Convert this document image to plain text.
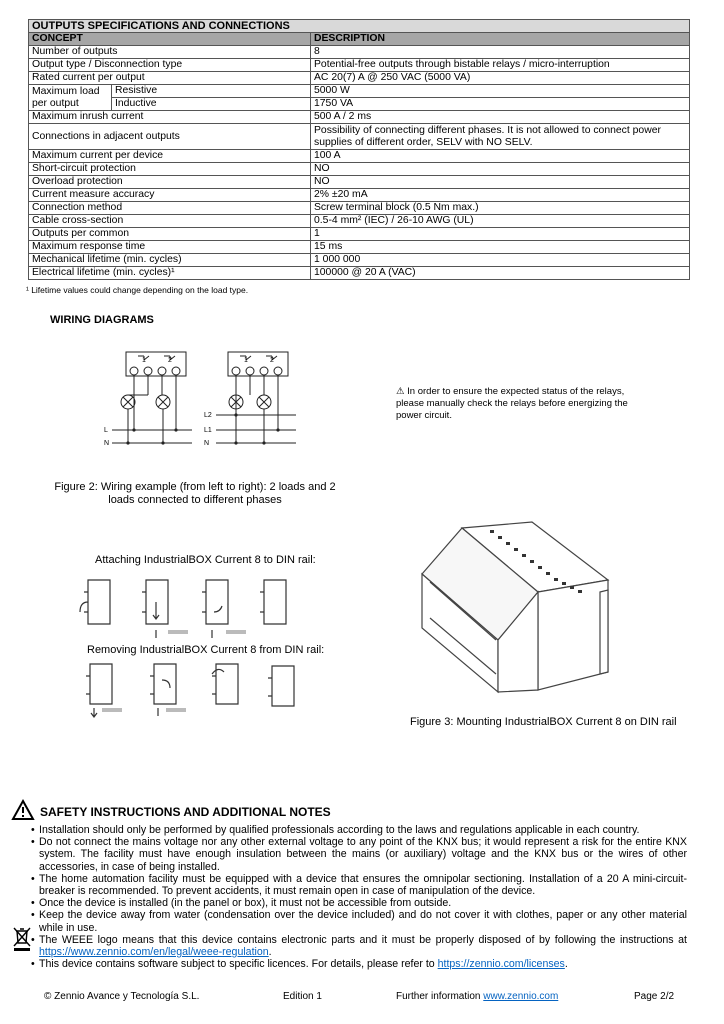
OUTPUTS SPECIFICATIONS AND CONNECTIONS		
CONCEPT		DESCRIPTION
Number of outputs		8
Output type / Disconnection type		Potential-free outputs through bistable relays / micro-interruption
Rated current per output		AC 20(7) A @ 250 VAC (5000 VA)
Maximum load
per output	Resistive	5000 W
	Inductive	1750 VA
Maximum inrush current		500 A / 2 ms
Connections in adjacent outputs		Possibility of connecting different phases. It is not allowed to connect power supplies of different order, SELV with NO SELV.
Maximum current per device		100 A
Short-circuit protection		NO
Overload protection		NO
Current measure accuracy		2% ±20 mA
Connection method		Screw terminal block (0.5 Nm max.)
Cable cross-section		0.5-4 mm² (IEC) / 26-10 AWG (UL)
Outputs per common		1
Maximum response time		15 ms
Mechanical lifetime (min. cycles)		1 000 000
Electrical lifetime (min. cycles)¹		100000 @ 20 A (VAC)
¹ Lifetime values could change depending on the load type.
WIRING DIAGRAMS
1	2	1	2
L
N
L2
L1
N
⚠ In order to ensure the expected status of the relays, please manually check the relays before energizing the power circuit.
Figure 2: Wiring example (from left to right): 2 loads and 2 loads connected to different phases
Attaching IndustrialBOX Current 8 to DIN rail:
Removing IndustrialBOX Current 8 from DIN rail:
Figure 3: Mounting IndustrialBOX Current 8 on DIN rail
SAFETY INSTRUCTIONS AND ADDITIONAL NOTES
• Installation should only be performed by qualified professionals according to the laws and regulations applicable in each country.
• Do not connect the mains voltage nor any other external voltage to any point of the KNX bus; it would represent a risk for the entire KNX system. The facility must have enough insulation between the mains (or auxiliary) voltage and the KNX bus or the wires of other accessories, in case of being installed.
• The home automation facility must be equipped with a device that ensures the omnipolar sectioning. Installation of a 20 A mini-circuit-breaker is recommended. To prevent accidents, it must remain open in case of manipulation of the device.
• Once the device is installed (in the panel or box), it must not be accessible from outside.
• Keep the device away from water (condensation over the device included) and do not cover it with clothes, paper or any other material while in use.
• The WEEE logo means that this device contains electronic parts and it must be properly disposed of by following the instructions at https://www.zennio.com/en/legal/weee-regulation.
• This device contains software subject to specific licences. For details, please refer to https://zennio.com/licenses.
© Zennio Avance y Tecnología S.L.	Edition 1	Further information www.zennio.com	Page 2/2
